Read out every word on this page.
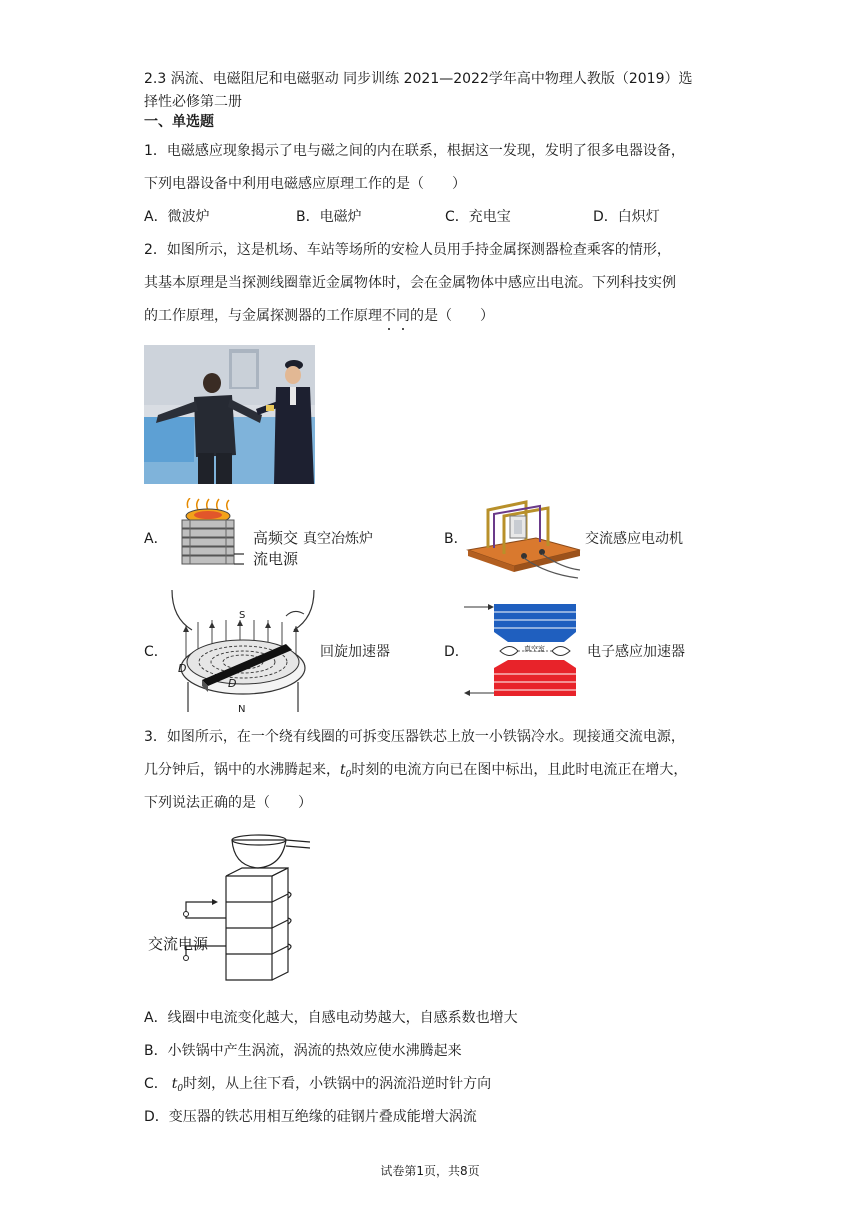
2.3 涡流、电磁阻尼和电磁驱动 同步训练 2021—2022学年高中物理人教版（2019）选
择性必修第二册
一、单选题
1．电磁感应现象揭示了电与磁之间的内在联系，根据这一发现，发明了很多电器设备，
下列电器设备中利用电磁感应原理工作的是（　　）
A．微波炉	B．电磁炉	C．充电宝	D．白炽灯
2．如图所示，这是机场、车站等场所的安检人员用手持金属探测器检查乘客的情形，
其基本原理是当探测线圈靠近金属物体时，会在金属物体中感应出电流。下列科技实例
的工作原理，与金属探测器的工作原理不同的是（　　）
A．	高频交
流电源
真空冶炼炉	B．	交流感应电动机
C．
S
N
D
D
回旋加速器	D．	真空室	电子感应加速器
3．如图所示，在一个绕有线圈的可拆变压器铁芯上放一小铁锅冷水。现接通交流电源，
几分钟后，锅中的水沸腾起来，$t_0$时刻的电流方向已在图中标出，且此时电流正在增大，
下列说法正确的是（　　）
交流电源
A．线圈中电流变化越大，自感电动势越大，自感系数也增大
B．小铁锅中产生涡流，涡流的热效应使水沸腾起来
C． $t_0$时刻，从上往下看，小铁锅中的涡流沿逆时针方向
D．变压器的铁芯用相互绝缘的硅钢片叠成能增大涡流
试卷第1页，共8页
